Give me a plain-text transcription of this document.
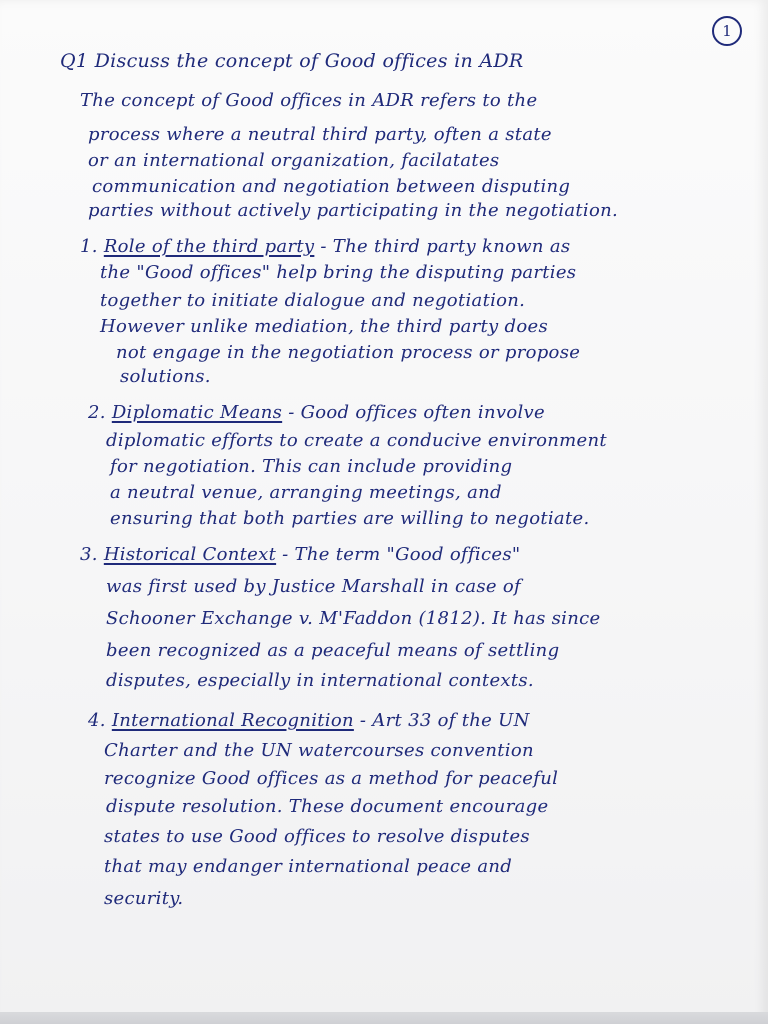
1
Q1 Discuss the concept of Good offices in ADR
The concept of Good offices in ADR refers to the
process where a neutral third party, often a state
or an international organization, facilatates
communication and negotiation between disputing
parties without actively participating in the negotiation.
1. Role of the third party - The third party known as
the "Good offices" help bring the disputing parties
together to initiate dialogue and negotiation.
However unlike mediation, the third party does
not engage in the negotiation process or propose
solutions.
2. Diplomatic Means - Good offices often involve
diplomatic efforts to create a conducive environment
for negotiation. This can include providing
a neutral venue, arranging meetings, and
ensuring that both parties are willing to negotiate.
3. Historical Context - The term "Good offices"
was first used by Justice Marshall in case of
Schooner Exchange v. M'Faddon (1812). It has since
been recognized as a peaceful means of settling
disputes, especially in international contexts.
4. International Recognition - Art 33 of the UN
Charter and the UN watercourses convention
recognize Good offices as a method for peaceful
dispute resolution. These document encourage
states to use Good offices to resolve disputes
that may endanger international peace and
security.
